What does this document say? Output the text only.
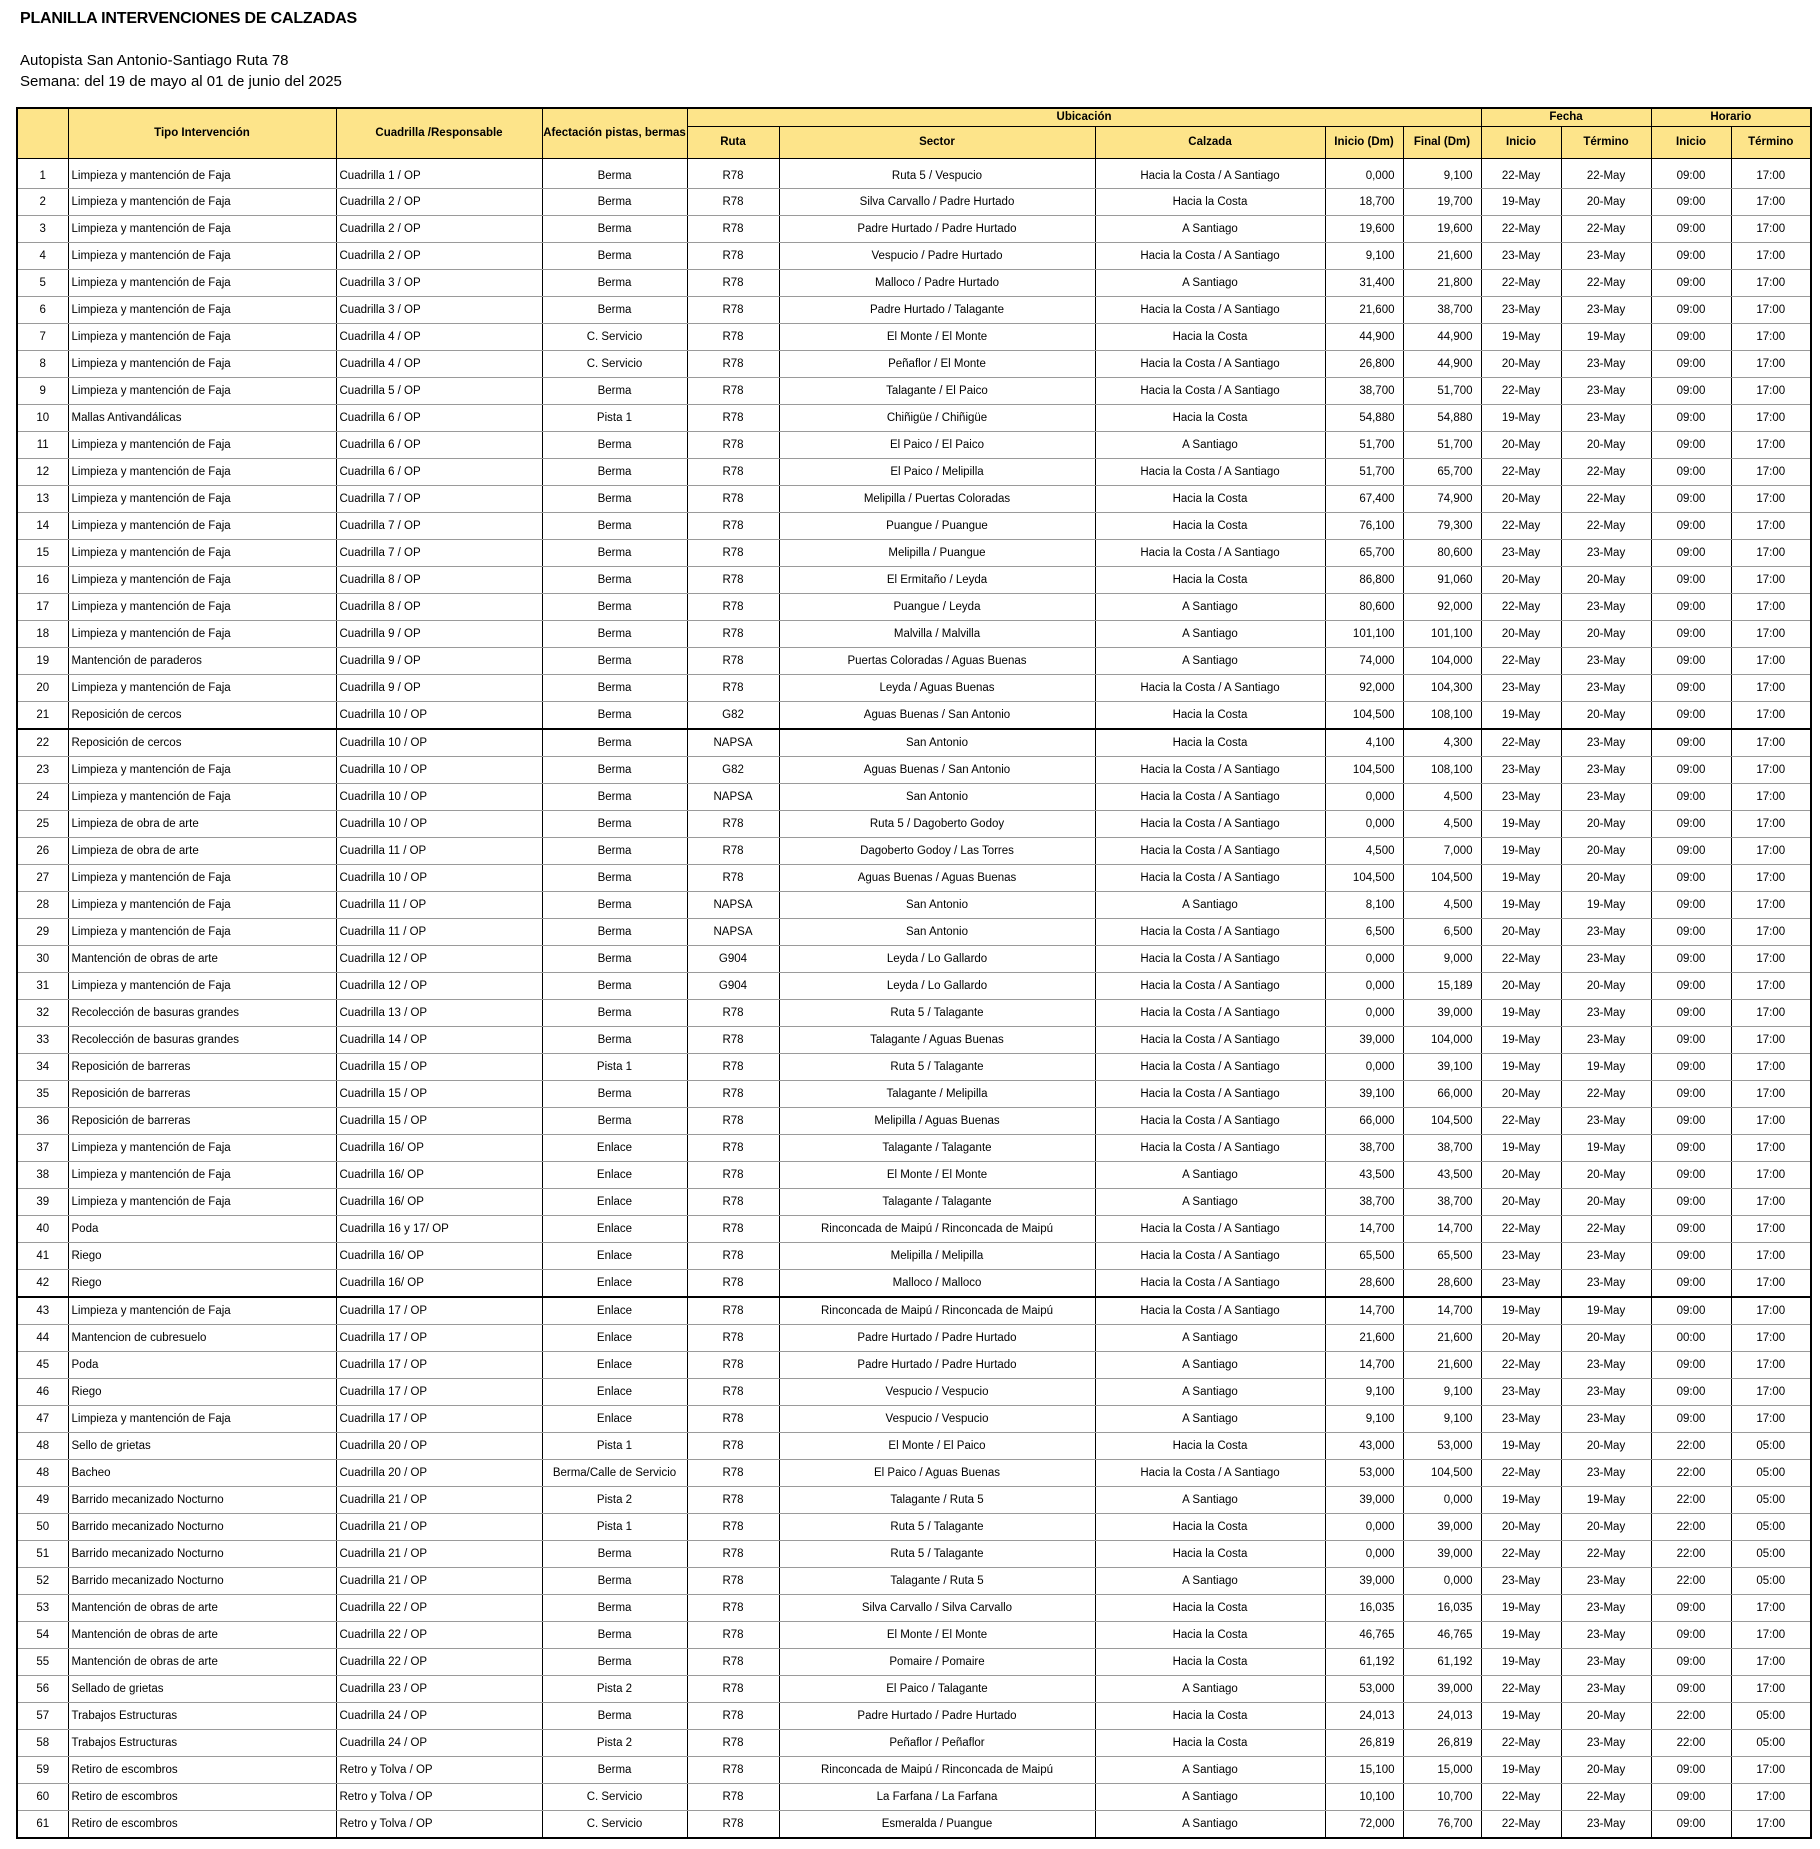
PLANILLA INTERVENCIONES DE CALZADAS
Autopista San Antonio-Santiago Ruta 78
Semana: del 19 de mayo al 01 de junio del 2025
	Tipo Intervención	Cuadrilla /Responsable	Afectación pistas, bermas	Ubicación					Fecha		Horario	
				Ruta	Sector	Calzada	Inicio (Dm)	Final (Dm)	Inicio	Término	Inicio	Término
1	Limpieza y mantención de Faja	Cuadrilla 1 / OP	Berma	R78	Ruta 5 / Vespucio	Hacia la Costa / A Santiago	0,000	9,100	22-May	22-May	09:00	17:00
2	Limpieza y mantención de Faja	Cuadrilla 2 / OP	Berma	R78	Silva Carvallo / Padre Hurtado	Hacia la Costa	18,700	19,700	19-May	20-May	09:00	17:00
3	Limpieza y mantención de Faja	Cuadrilla 2 / OP	Berma	R78	Padre Hurtado / Padre Hurtado	A Santiago	19,600	19,600	22-May	22-May	09:00	17:00
4	Limpieza y mantención de Faja	Cuadrilla 2 / OP	Berma	R78	Vespucio / Padre Hurtado	Hacia la Costa / A Santiago	9,100	21,600	23-May	23-May	09:00	17:00
5	Limpieza y mantención de Faja	Cuadrilla 3 / OP	Berma	R78	Malloco / Padre Hurtado	A Santiago	31,400	21,800	22-May	22-May	09:00	17:00
6	Limpieza y mantención de Faja	Cuadrilla 3 / OP	Berma	R78	Padre Hurtado / Talagante	Hacia la Costa / A Santiago	21,600	38,700	23-May	23-May	09:00	17:00
7	Limpieza y mantención de Faja	Cuadrilla 4 / OP	C. Servicio	R78	El Monte / El Monte	Hacia la Costa	44,900	44,900	19-May	19-May	09:00	17:00
8	Limpieza y mantención de Faja	Cuadrilla 4 / OP	C. Servicio	R78	Peñaflor / El Monte	Hacia la Costa / A Santiago	26,800	44,900	20-May	23-May	09:00	17:00
9	Limpieza y mantención de Faja	Cuadrilla 5 / OP	Berma	R78	Talagante / El Paico	Hacia la Costa / A Santiago	38,700	51,700	22-May	23-May	09:00	17:00
10	Mallas Antivandálicas	Cuadrilla 6 / OP	Pista 1	R78	Chiñigüe / Chiñigüe	Hacia la Costa	54,880	54,880	19-May	23-May	09:00	17:00
11	Limpieza y mantención de Faja	Cuadrilla 6 / OP	Berma	R78	El Paico / El Paico	A Santiago	51,700	51,700	20-May	20-May	09:00	17:00
12	Limpieza y mantención de Faja	Cuadrilla 6 / OP	Berma	R78	El Paico / Melipilla	Hacia la Costa / A Santiago	51,700	65,700	22-May	22-May	09:00	17:00
13	Limpieza y mantención de Faja	Cuadrilla 7 / OP	Berma	R78	Melipilla / Puertas Coloradas	Hacia la Costa	67,400	74,900	20-May	22-May	09:00	17:00
14	Limpieza y mantención de Faja	Cuadrilla 7 / OP	Berma	R78	Puangue / Puangue	Hacia la Costa	76,100	79,300	22-May	22-May	09:00	17:00
15	Limpieza y mantención de Faja	Cuadrilla 7 / OP	Berma	R78	Melipilla / Puangue	Hacia la Costa / A Santiago	65,700	80,600	23-May	23-May	09:00	17:00
16	Limpieza y mantención de Faja	Cuadrilla 8 / OP	Berma	R78	El Ermitaño / Leyda	Hacia la Costa	86,800	91,060	20-May	20-May	09:00	17:00
17	Limpieza y mantención de Faja	Cuadrilla 8 / OP	Berma	R78	Puangue / Leyda	A Santiago	80,600	92,000	22-May	23-May	09:00	17:00
18	Limpieza y mantención de Faja	Cuadrilla 9 / OP	Berma	R78	Malvilla / Malvilla	A Santiago	101,100	101,100	20-May	20-May	09:00	17:00
19	Mantención de paraderos	Cuadrilla 9 / OP	Berma	R78	Puertas Coloradas / Aguas Buenas	A Santiago	74,000	104,000	22-May	23-May	09:00	17:00
20	Limpieza y mantención de Faja	Cuadrilla 9 / OP	Berma	R78	Leyda / Aguas Buenas	Hacia la Costa / A Santiago	92,000	104,300	23-May	23-May	09:00	17:00
21	Reposición de cercos	Cuadrilla 10 / OP	Berma	G82	Aguas Buenas / San Antonio	Hacia la Costa	104,500	108,100	19-May	20-May	09:00	17:00
22	Reposición de cercos	Cuadrilla 10 / OP	Berma	NAPSA	San Antonio	Hacia la Costa	4,100	4,300	22-May	23-May	09:00	17:00
23	Limpieza y mantención de Faja	Cuadrilla 10 / OP	Berma	G82	Aguas Buenas / San Antonio	Hacia la Costa / A Santiago	104,500	108,100	23-May	23-May	09:00	17:00
24	Limpieza y mantención de Faja	Cuadrilla 10 / OP	Berma	NAPSA	San Antonio	Hacia la Costa / A Santiago	0,000	4,500	23-May	23-May	09:00	17:00
25	Limpieza de obra de arte	Cuadrilla 10 / OP	Berma	R78	Ruta 5 / Dagoberto Godoy	Hacia la Costa / A Santiago	0,000	4,500	19-May	20-May	09:00	17:00
26	Limpieza de obra de arte	Cuadrilla 11 / OP	Berma	R78	Dagoberto Godoy / Las Torres	Hacia la Costa / A Santiago	4,500	7,000	19-May	20-May	09:00	17:00
27	Limpieza y mantención de Faja	Cuadrilla 10 / OP	Berma	R78	Aguas Buenas / Aguas Buenas	Hacia la Costa / A Santiago	104,500	104,500	19-May	20-May	09:00	17:00
28	Limpieza y mantención de Faja	Cuadrilla 11 / OP	Berma	NAPSA	San Antonio	A Santiago	8,100	4,500	19-May	19-May	09:00	17:00
29	Limpieza y mantención de Faja	Cuadrilla 11 / OP	Berma	NAPSA	San Antonio	Hacia la Costa / A Santiago	6,500	6,500	20-May	23-May	09:00	17:00
30	Mantención de obras de arte	Cuadrilla 12 / OP	Berma	G904	Leyda / Lo Gallardo	Hacia la Costa / A Santiago	0,000	9,000	22-May	23-May	09:00	17:00
31	Limpieza y mantención de Faja	Cuadrilla 12 / OP	Berma	G904	Leyda / Lo Gallardo	Hacia la Costa / A Santiago	0,000	15,189	20-May	20-May	09:00	17:00
32	Recolección de basuras grandes	Cuadrilla 13 / OP	Berma	R78	Ruta 5 / Talagante	Hacia la Costa / A Santiago	0,000	39,000	19-May	23-May	09:00	17:00
33	Recolección de basuras grandes	Cuadrilla 14 / OP	Berma	R78	Talagante / Aguas Buenas	Hacia la Costa / A Santiago	39,000	104,000	19-May	23-May	09:00	17:00
34	Reposición de barreras	Cuadrilla 15 / OP	Pista 1	R78	Ruta 5 / Talagante	Hacia la Costa / A Santiago	0,000	39,100	19-May	19-May	09:00	17:00
35	Reposición de barreras	Cuadrilla 15 / OP	Berma	R78	Talagante / Melipilla	Hacia la Costa / A Santiago	39,100	66,000	20-May	22-May	09:00	17:00
36	Reposición de barreras	Cuadrilla 15 / OP	Berma	R78	Melipilla / Aguas Buenas	Hacia la Costa / A Santiago	66,000	104,500	22-May	23-May	09:00	17:00
37	Limpieza y mantención de Faja	Cuadrilla 16/ OP	Enlace	R78	Talagante / Talagante	Hacia la Costa / A Santiago	38,700	38,700	19-May	19-May	09:00	17:00
38	Limpieza y mantención de Faja	Cuadrilla 16/ OP	Enlace	R78	El Monte / El Monte	A Santiago	43,500	43,500	20-May	20-May	09:00	17:00
39	Limpieza y mantención de Faja	Cuadrilla 16/ OP	Enlace	R78	Talagante / Talagante	A Santiago	38,700	38,700	20-May	20-May	09:00	17:00
40	Poda	Cuadrilla 16 y 17/ OP	Enlace	R78	Rinconcada de Maipú / Rinconcada de Maipú	Hacia la Costa / A Santiago	14,700	14,700	22-May	22-May	09:00	17:00
41	Riego	Cuadrilla 16/ OP	Enlace	R78	Melipilla / Melipilla	Hacia la Costa / A Santiago	65,500	65,500	23-May	23-May	09:00	17:00
42	Riego	Cuadrilla 16/ OP	Enlace	R78	Malloco / Malloco	Hacia la Costa / A Santiago	28,600	28,600	23-May	23-May	09:00	17:00
43	Limpieza y mantención de Faja	Cuadrilla 17 / OP	Enlace	R78	Rinconcada de Maipú / Rinconcada de Maipú	Hacia la Costa / A Santiago	14,700	14,700	19-May	19-May	09:00	17:00
44	Mantencion de cubresuelo	Cuadrilla 17 / OP	Enlace	R78	Padre Hurtado / Padre Hurtado	A Santiago	21,600	21,600	20-May	20-May	00:00	17:00
45	Poda	Cuadrilla 17 / OP	Enlace	R78	Padre Hurtado / Padre Hurtado	A Santiago	14,700	21,600	22-May	23-May	09:00	17:00
46	Riego	Cuadrilla 17 / OP	Enlace	R78	Vespucio / Vespucio	A Santiago	9,100	9,100	23-May	23-May	09:00	17:00
47	Limpieza y mantención de Faja	Cuadrilla 17 / OP	Enlace	R78	Vespucio / Vespucio	A Santiago	9,100	9,100	23-May	23-May	09:00	17:00
48	Sello de grietas	Cuadrilla 20 / OP	Pista 1	R78	El Monte / El Paico	Hacia la Costa	43,000	53,000	19-May	20-May	22:00	05:00
48	Bacheo	Cuadrilla 20 / OP	Berma/Calle de Servicio	R78	El Paico / Aguas Buenas	Hacia la Costa / A Santiago	53,000	104,500	22-May	23-May	22:00	05:00
49	Barrido mecanizado Nocturno	Cuadrilla 21 / OP	Pista 2	R78	Talagante / Ruta 5	A Santiago	39,000	0,000	19-May	19-May	22:00	05:00
50	Barrido mecanizado Nocturno	Cuadrilla 21 / OP	Pista 1	R78	Ruta 5 / Talagante	Hacia la Costa	0,000	39,000	20-May	20-May	22:00	05:00
51	Barrido mecanizado Nocturno	Cuadrilla 21 / OP	Berma	R78	Ruta 5 / Talagante	Hacia la Costa	0,000	39,000	22-May	22-May	22:00	05:00
52	Barrido mecanizado Nocturno	Cuadrilla 21 / OP	Berma	R78	Talagante / Ruta 5	A Santiago	39,000	0,000	23-May	23-May	22:00	05:00
53	Mantención de obras de arte	Cuadrilla 22 / OP	Berma	R78	Silva Carvallo / Silva Carvallo	Hacia la Costa	16,035	16,035	19-May	23-May	09:00	17:00
54	Mantención de obras de arte	Cuadrilla 22 / OP	Berma	R78	El Monte / El Monte	Hacia la Costa	46,765	46,765	19-May	23-May	09:00	17:00
55	Mantención de obras de arte	Cuadrilla 22 / OP	Berma	R78	Pomaire / Pomaire	Hacia la Costa	61,192	61,192	19-May	23-May	09:00	17:00
56	Sellado de grietas	Cuadrilla 23 / OP	Pista 2	R78	El Paico / Talagante	A Santiago	53,000	39,000	22-May	23-May	09:00	17:00
57	Trabajos Estructuras	Cuadrilla 24 / OP	Berma	R78	Padre Hurtado / Padre Hurtado	Hacia la Costa	24,013	24,013	19-May	20-May	22:00	05:00
58	Trabajos Estructuras	Cuadrilla 24 / OP	Pista 2	R78	Peñaflor / Peñaflor	Hacia la Costa	26,819	26,819	22-May	23-May	22:00	05:00
59	Retiro de escombros	Retro y Tolva / OP	Berma	R78	Rinconcada de Maipú / Rinconcada de Maipú	A Santiago	15,100	15,000	19-May	20-May	09:00	17:00
60	Retiro de escombros	Retro y Tolva / OP	C. Servicio	R78	La Farfana / La Farfana	A Santiago	10,100	10,700	22-May	22-May	09:00	17:00
61	Retiro de escombros	Retro y Tolva / OP	C. Servicio	R78	Esmeralda / Puangue	A Santiago	72,000	76,700	22-May	23-May	09:00	17:00
